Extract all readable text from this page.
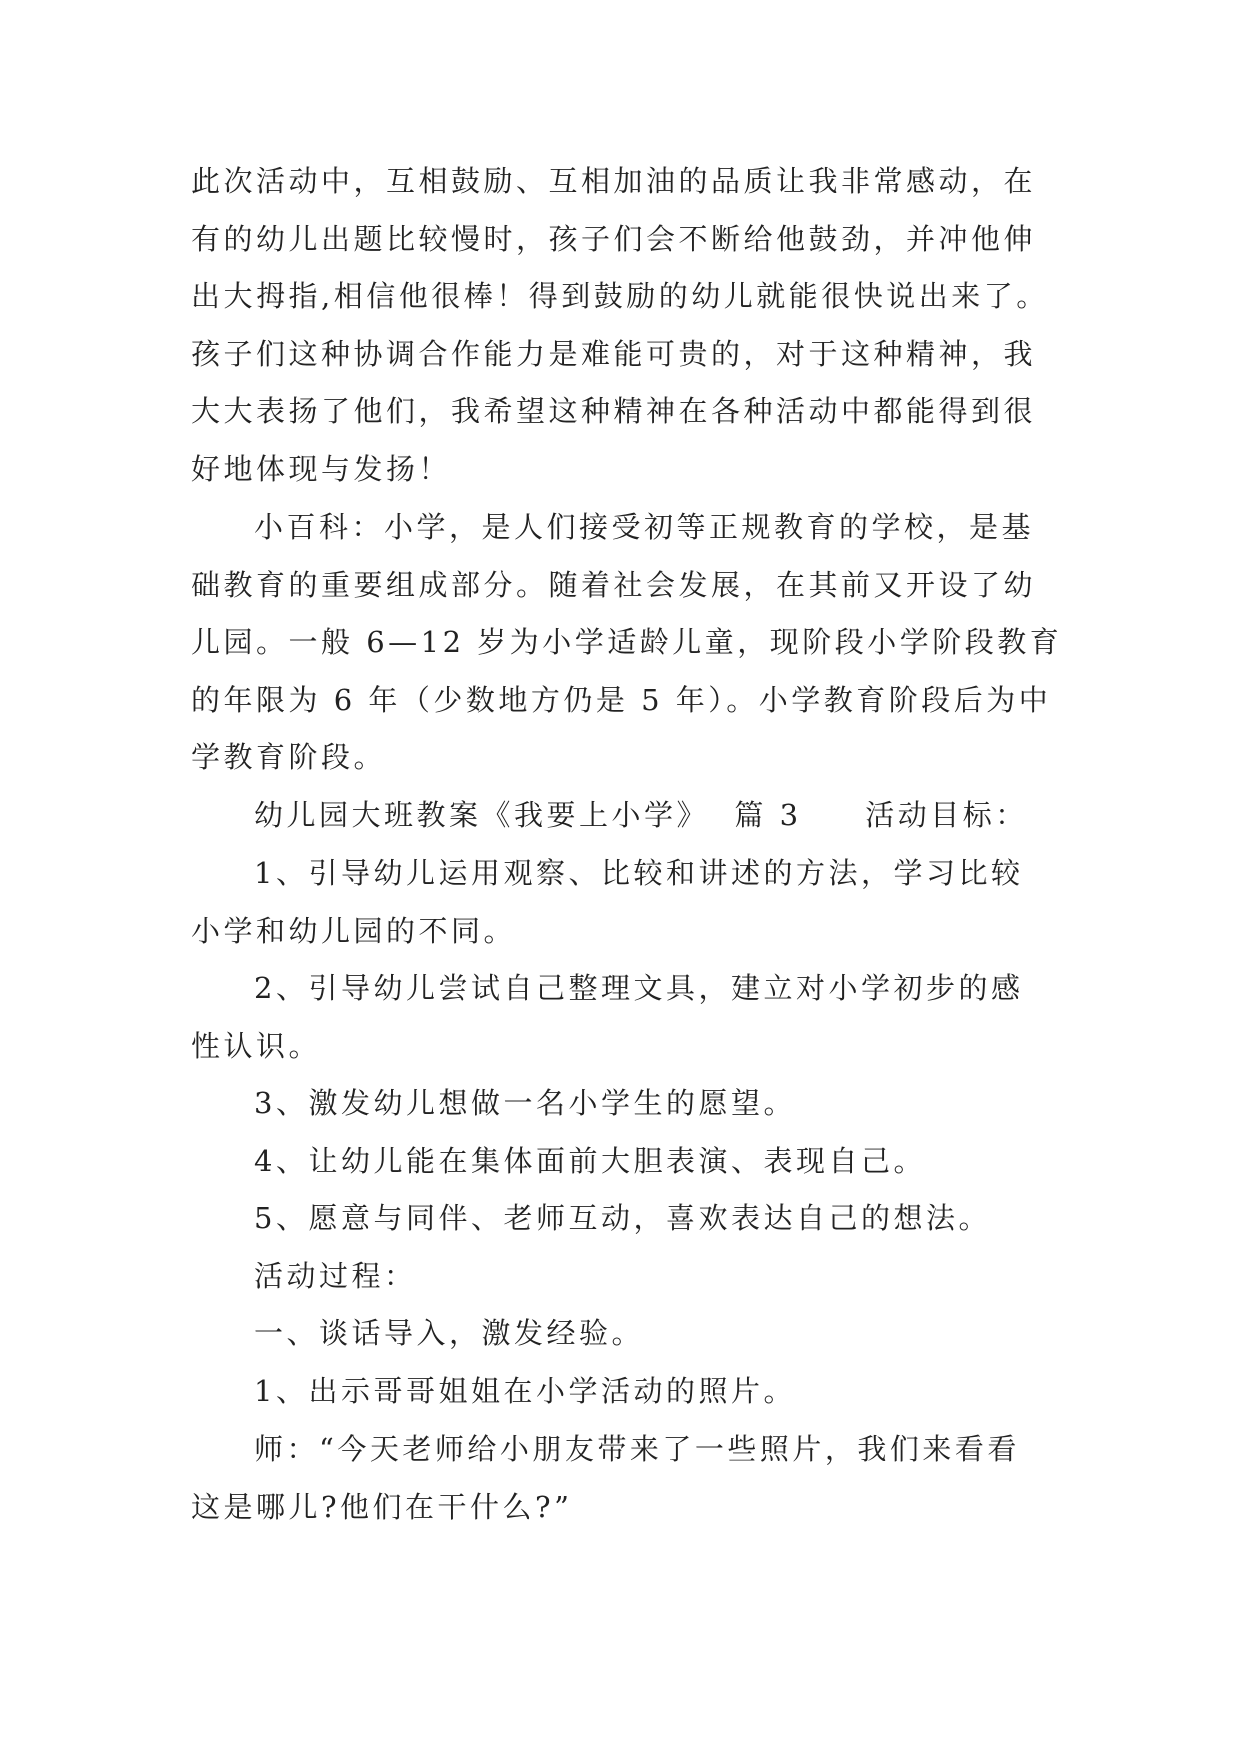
此次活动中，互相鼓励、互相加油的品质让我非常感动，在
有的幼儿出题比较慢时，孩子们会不断给他鼓劲，并冲他伸
出大拇指,相信他很棒！得到鼓励的幼儿就能很快说出来了。
孩子们这种协调合作能力是难能可贵的，对于这种精神，我
大大表扬了他们，我希望这种精神在各种活动中都能得到很
好地体现与发扬！

小百科：小学，是人们接受初等正规教育的学校，是基
础教育的重要组成部分。随着社会发展，在其前又开设了幼
儿园。一般 6—12 岁为小学适龄儿童，现阶段小学阶段教育
的年限为 6 年（少数地方仍是 5 年）。小学教育阶段后为中
学教育阶段。

幼儿园大班教案《我要上小学》  篇 3     活动目标：

1、引导幼儿运用观察、比较和讲述的方法，学习比较
小学和幼儿园的不同。

2、引导幼儿尝试自己整理文具，建立对小学初步的感
性认识。

3、激发幼儿想做一名小学生的愿望。

4、让幼儿能在集体面前大胆表演、表现自己。

5、愿意与同伴、老师互动，喜欢表达自己的想法。

活动过程：

一、谈话导入，激发经验。

1、出示哥哥姐姐在小学活动的照片。

师：“今天老师给小朋友带来了一些照片，我们来看看
这是哪儿?他们在干什么?”
